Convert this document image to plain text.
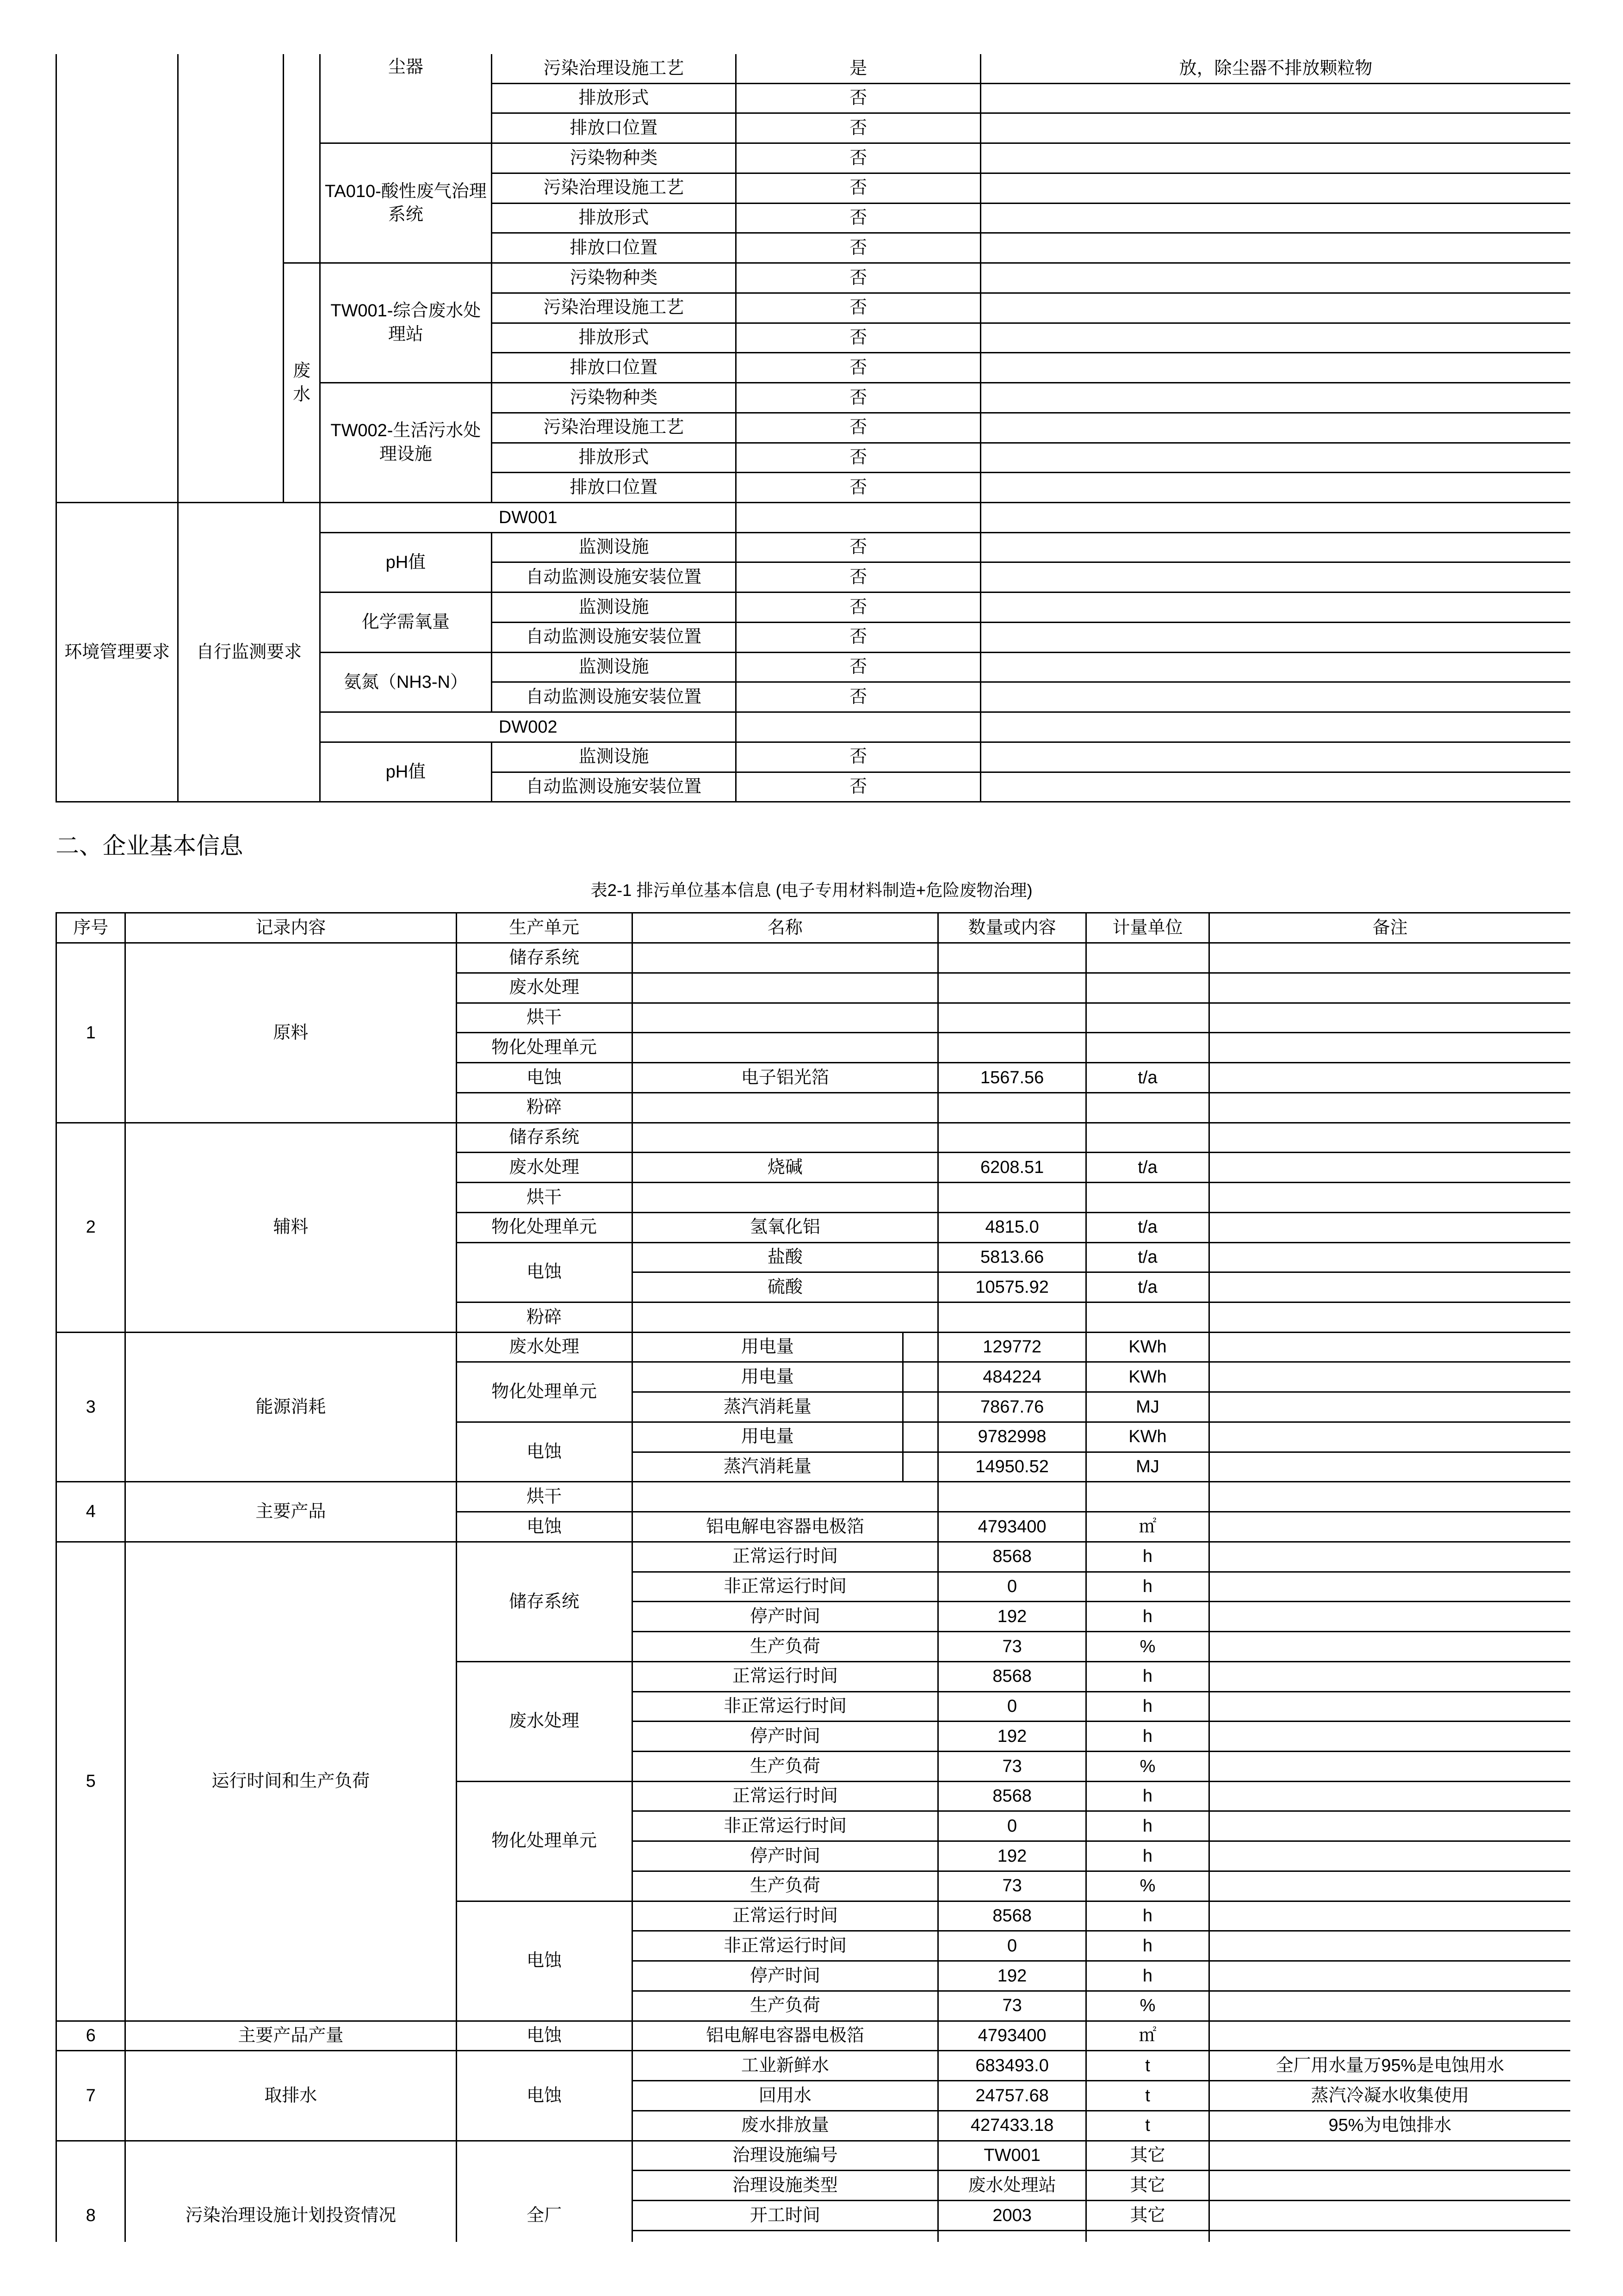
			尘器	污染治理设施工艺	是	放，除尘器不排放颗粒物
				排放形式	否	
				排放口位置	否	
			TA010-酸性废气治理系统	污染物种类	否	
				污染治理设施工艺	否	
				排放形式	否	
				排放口位置	否	
		废水	TW001-综合废水处理站	污染物种类	否	
				污染治理设施工艺	否	
				排放形式	否	
				排放口位置	否	
			TW002-生活污水处理设施	污染物种类	否	
				污染治理设施工艺	否	
				排放形式	否	
				排放口位置	否	
环境管理要求	自行监测要求		DW001			
			pH值	监测设施	否	
				自动监测设施安装位置	否	
			化学需氧量	监测设施	否	
				自动监测设施安装位置	否	
			氨氮（NH3-N）	监测设施	否	
				自动监测设施安装位置	否	
			DW002			
			pH值	监测设施	否	
				自动监测设施安装位置	否	
二、企业基本信息
表2-1 排污单位基本信息 (电子专用材料制造+危险废物治理)
序号	记录内容	生产单元	名称		数量或内容	计量单位	备注
1	原料	储存系统					
		废水处理					
		烘干					
		物化处理单元					
		电蚀	电子铝光箔		1567.56	t/a	
		粉碎					
2	辅料	储存系统					
		废水处理	烧碱		6208.51	t/a	
		烘干					
		物化处理单元	氢氧化铝		4815.0	t/a	
		电蚀	盐酸		5813.66	t/a	
			硫酸		10575.92	t/a	
		粉碎					
3	能源消耗	废水处理	用电量		129772	KWh	
		物化处理单元	用电量		484224	KWh	
			蒸汽消耗量		7867.76	MJ	
		电蚀	用电量		9782998	KWh	
			蒸汽消耗量		14950.52	MJ	
4	主要产品	烘干					
		电蚀	铝电解电容器电极箔		4793400	㎡	
5	运行时间和生产负荷	储存系统	正常运行时间		8568	h	
			非正常运行时间		0	h	
			停产时间		192	h	
			生产负荷		73	%	
		废水处理	正常运行时间		8568	h	
			非正常运行时间		0	h	
			停产时间		192	h	
			生产负荷		73	%	
		物化处理单元	正常运行时间		8568	h	
			非正常运行时间		0	h	
			停产时间		192	h	
			生产负荷		73	%	
		电蚀	正常运行时间		8568	h	
			非正常运行时间		0	h	
			停产时间		192	h	
			生产负荷		73	%	
6	主要产品产量	电蚀	铝电解电容器电极箔		4793400	㎡	
7	取排水	电蚀	工业新鲜水		683493.0	t	全厂用水量万95%是电蚀用水
			回用水		24757.68	t	蒸汽冷凝水收集使用
			废水排放量		427433.18	t	95%为电蚀排水
8	污染治理设施计划投资情况	全厂	治理设施编号		TW001	其它	
			治理设施类型		废水处理站	其它	
			开工时间		2003	其它	
